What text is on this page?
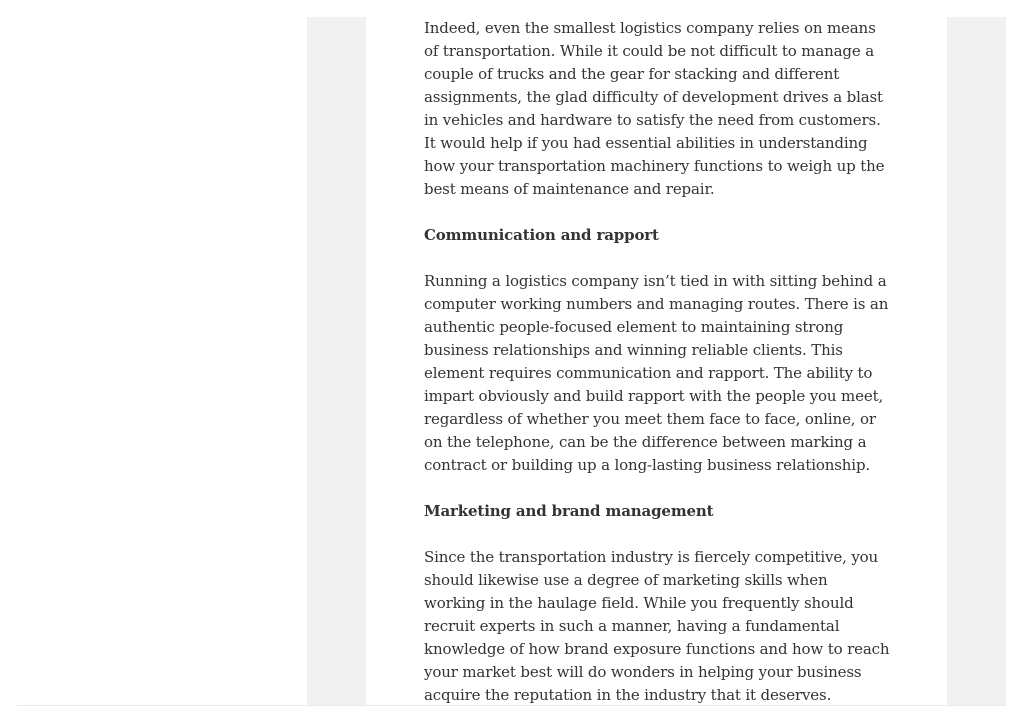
Indeed, even the smallest logistics company relies on means of transportation. While it could be not difficult to manage a couple of trucks and the gear for stacking and different assignments, the glad difficulty of development drives a blast in vehicles and hardware to satisfy the need from customers. It would help if you had essential abilities in understanding how your transportation machinery functions to weigh up the best means of maintenance and repair.

Communication and rapport

Running a logistics company isn’t tied in with sitting behind a computer working numbers and managing routes. There is an authentic people-focused element to maintaining strong business relationships and winning reliable clients. This element requires communication and rapport. The ability to impart obviously and build rapport with the people you meet, regardless of whether you meet them face to face, online, or on the telephone, can be the difference between marking a contract or building up a long-lasting business relationship.

Marketing and brand management

Since the transportation industry is fiercely competitive, you should likewise use a degree of marketing skills when working in the haulage field. While you frequently should recruit experts in such a manner, having a fundamental knowledge of how brand exposure functions and how to reach your market best will do wonders in helping your business acquire the reputation in the industry that it deserves.
